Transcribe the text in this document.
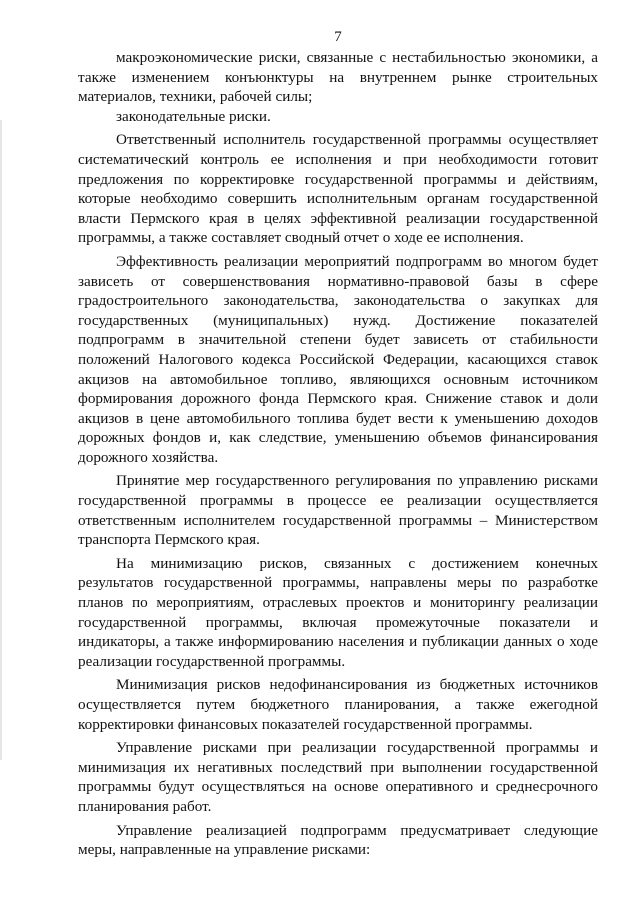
7

макроэкономические риски, связанные с нестабильностью экономики, а также изменением конъюнктуры на внутреннем рынке строительных материалов, техники, рабочей силы;

законодательные риски.

Ответственный исполнитель государственной программы осуществляет систематический контроль ее исполнения и при необходимости готовит предложения по корректировке государственной программы и действиям, которые необходимо совершить исполнительным органам государственной власти Пермского края в целях эффективной реализации государственной программы, а также составляет сводный отчет о ходе ее исполнения.

Эффективность реализации мероприятий подпрограмм во многом будет зависеть от совершенствования нормативно-правовой базы в сфере градостроительного законодательства, законодательства о закупках для государственных (муниципальных) нужд. Достижение показателей подпрограмм в значительной степени будет зависеть от стабильности положений Налогового кодекса Российской Федерации, касающихся ставок акцизов на автомобильное топливо, являющихся основным источником формирования дорожного фонда Пермского края. Снижение ставок и доли акцизов в цене автомобильного топлива будет вести к уменьшению доходов дорожных фондов и, как следствие, уменьшению объемов финансирования дорожного хозяйства.

Принятие мер государственного регулирования по управлению рисками государственной программы в процессе ее реализации осуществляется ответственным исполнителем государственной программы – Министерством транспорта Пермского края.

На минимизацию рисков, связанных с достижением конечных результатов государственной программы, направлены меры по разработке планов по мероприятиям, отраслевых проектов и мониторингу реализации государственной программы, включая промежуточные показатели и индикаторы, а также информированию населения и публикации данных о ходе реализации государственной программы.

Минимизация рисков недофинансирования из бюджетных источников осуществляется путем бюджетного планирования, а также ежегодной корректировки финансовых показателей государственной программы.

Управление рисками при реализации государственной программы и минимизация их негативных последствий при выполнении государственной программы будут осуществляться на основе оперативного и среднесрочного планирования работ.

Управление реализацией подпрограмм предусматривает следующие меры, направленные на управление рисками:
